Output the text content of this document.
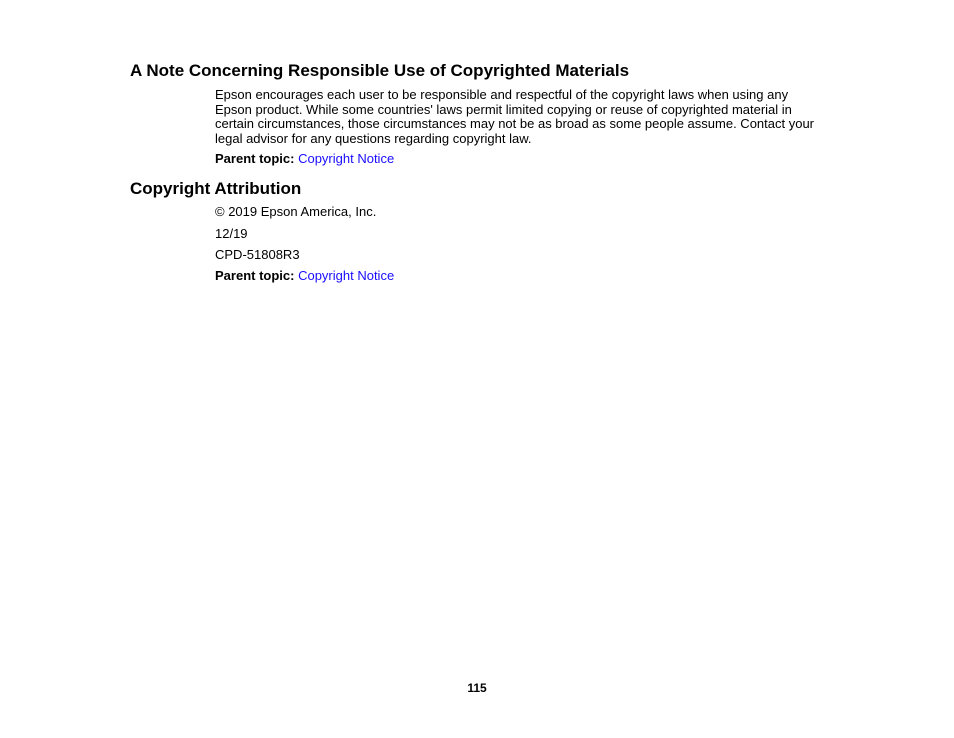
A Note Concerning Responsible Use of Copyrighted Materials

Epson encourages each user to be responsible and respectful of the copyright laws when using any Epson product. While some countries' laws permit limited copying or reuse of copyrighted material in certain circumstances, those circumstances may not be as broad as some people assume. Contact your legal advisor for any questions regarding copyright law.

Parent topic: Copyright Notice

Copyright Attribution

© 2019 Epson America, Inc.

12/19

CPD-51808R3

Parent topic: Copyright Notice

115
